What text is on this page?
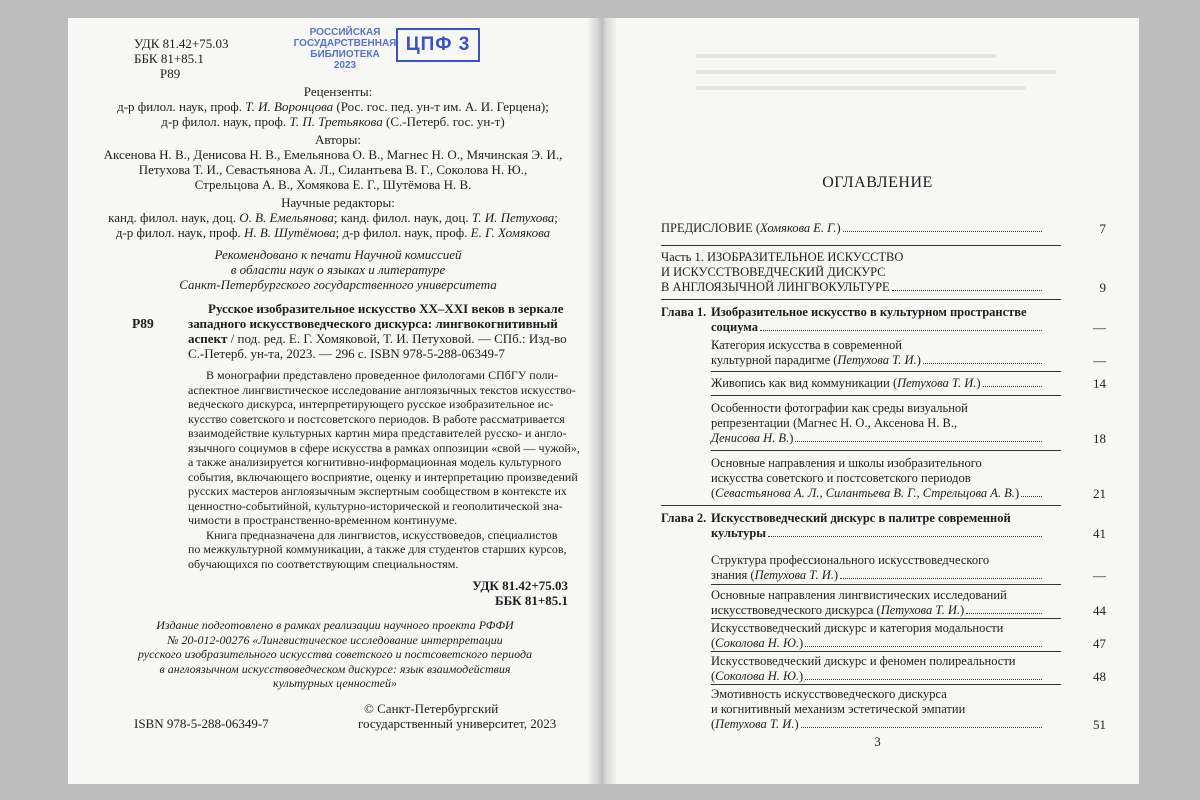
УДК 81.42+75.03
ББК 81+85.1
Р89
РОССИЙСКАЯ
ГОСУДАРСТВЕННАЯ
БИБЛИОТЕКА
2023
ЦПФ 3
Рецензенты:
д-р филол. наук, проф. Т. И. Воронцова (Рос. гос. пед. ун-т им. А. И. Герцена);
д-р филол. наук, проф. Т. П. Третьякова (С.-Петерб. гос. ун-т)
Авторы:
Аксенова Н. В., Денисова Н. В., Емельянова О. В., Магнес Н. О., Мячинская Э. И.,
Петухова Т. И., Севастьянова А. Л., Силантьева В. Г., Соколова Н. Ю.,
Стрельцова А. В., Хомякова Е. Г., Шутёмова Н. В.
Научные редакторы:
канд. филол. наук, доц. О. В. Емельянова; канд. филол. наук, доц. Т. И. Петухова;
д-р филол. наук, проф. Н. В. Шутёмова; д-р филол. наук, проф. Е. Г. Хомякова
Рекомендовано к печати Научной комиссией
в области наук о языках и литературе
Санкт-Петербургского государственного университета
Р89
Русское изобразительное искусство XX–XXI веков в зеркале
западного искусствоведческого дискурса: лингвокогнитивный
аспект / под. ред. Е. Г. Хомяковой, Т. И. Петуховой. — СПб.: Изд-во
С.-Петерб. ун-та, 2023. — 296 с. ISBN 978-5-288-06349-7
В монографии представлено проведенное филологами СПбГУ поли-
аспектное лингвистическое исследование англоязычных текстов искусство-
ведческого дискурса, интерпретирующего русское изобразительное ис-
кусство советского и постсоветского периодов. В работе рассматривается
взаимодействие культурных картин мира представителей русско- и англо-
язычного социумов в сфере искусства в рамках оппозиции «свой — чужой»,
а также анализируется когнитивно-информационная модель культурного
события, включающего восприятие, оценку и интерпретацию произведений
русских мастеров англоязычным экспертным сообществом в контексте их
ценностно-событийной, культурно-исторической и геополитической зна-
чимости в пространственно-временном континууме.
Книга предназначена для лингвистов, искусствоведов, специалистов
по межкультурной коммуникации, а также для студентов старших курсов,
обучающихся по соответствующим специальностям.
УДК 81.42+75.03
ББК 81+85.1
Издание подготовлено в рамках реализации научного проекта РФФИ
№ 20-012-00276 «Лингвистическое исследование интерпретации
русского изобразительного искусства советского и постсоветского периода
в англоязычном искусствоведческом дискурсе: язык взаимодействия
культурных ценностей»
ISBN 978-5-288-06349-7
© Санкт-Петербургский
государственный университет, 2023
ОГЛАВЛЕНИЕ
ПРЕДИСЛОВИЕ (Хомякова Е. Г.)	7
Часть 1. ИЗОБРАЗИТЕЛЬНОЕ ИСКУССТВО
И ИСКУССТВОВЕДЧЕСКИЙ ДИСКУРС
В АНГЛОЯЗЫЧНОЙ ЛИНГВОКУЛЬТУРЕ	9
Глава 1. Изобразительное искусство в культурном пространстве
социума	—
Категория искусства в современной
культурной парадигме (Петухова Т. И.)	—
Живопись как вид коммуникации (Петухова Т. И.)	14
Особенности фотографии как среды визуальной
репрезентации (Магнес Н. О., Аксенова Н. В.,
Денисова Н. В.)	18
Основные направления и школы изобразительного
искусства советского и постсоветского периодов
(Севастьянова А. Л., Силантьева В. Г., Стрельцова А. В.)	21
Глава 2. Искусствоведческий дискурс в палитре современной
культуры	41
Структура профессионального искусствоведческого
знания (Петухова Т. И.)	—
Основные направления лингвистических исследований
искусствоведческого дискурса (Петухова Т. И.)	44
Искусствоведческий дискурс и категория модальности
(Соколова Н. Ю.)	47
Искусствоведческий дискурс и феномен полиреальности
(Соколова Н. Ю.)	48
Эмотивность искусствоведческого дискурса
и когнитивный механизм эстетической эмпатии
(Петухова Т. И.)	51
3
